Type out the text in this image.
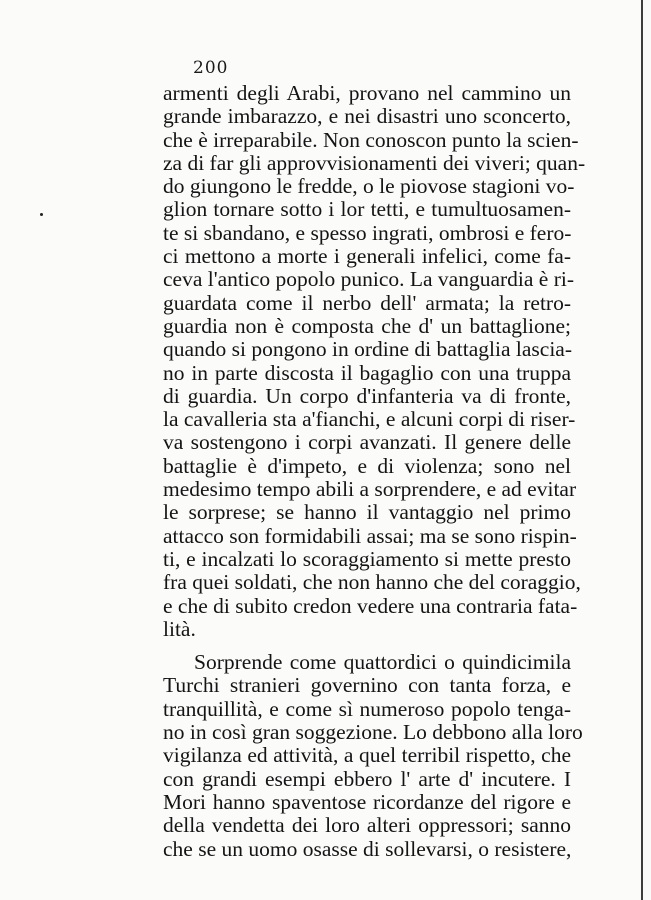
200
armenti degli Arabi, provano nel cammino un
grande imbarazzo, e nei disastri uno sconcerto,
che è irreparabile. Non conoscon punto la scien-
za di far gli approvvisionamenti dei viveri; quan-
do giungono le fredde, o le piovose stagioni vo-
glion tornare sotto i lor tetti, e tumultuosamen-
te si sbandano, e spesso ingrati, ombrosi e fero-
ci mettono a morte i generali infelici, come fa-
ceva l'antico popolo punico. La vanguardia è ri-
guardata come il nerbo dell' armata; la retro-
guardia non è composta che d' un battaglione;
quando si pongono in ordine di battaglia lascia-
no in parte discosta il bagaglio con una truppa
di guardia. Un corpo d'infanteria va di fronte,
la cavalleria sta a'fianchi, e alcuni corpi di riser-
va sostengono i corpi avanzati. Il genere delle
battaglie è d'impeto, e di violenza; sono nel
medesimo tempo abili a sorprendere, e ad evitar
le sorprese; se hanno il vantaggio nel primo
attacco son formidabili assai; ma se sono rispin-
ti, e incalzati lo scoraggiamento si mette presto
fra quei soldati, che non hanno che del coraggio,
e che di subito credon vedere una contraria fata-
lità.
Sorprende come quattordici o quindicimila
Turchi stranieri governino con tanta forza, e
tranquillità, e come sì numeroso popolo tenga-
no in così gran soggezione. Lo debbono alla loro
vigilanza ed attività, a quel terribil rispetto, che
con grandi esempi ebbero l' arte d' incutere. I
Mori hanno spaventose ricordanze del rigore e
della vendetta dei loro alteri oppressori; sanno
che se un uomo osasse di sollevarsi, o resistere,
